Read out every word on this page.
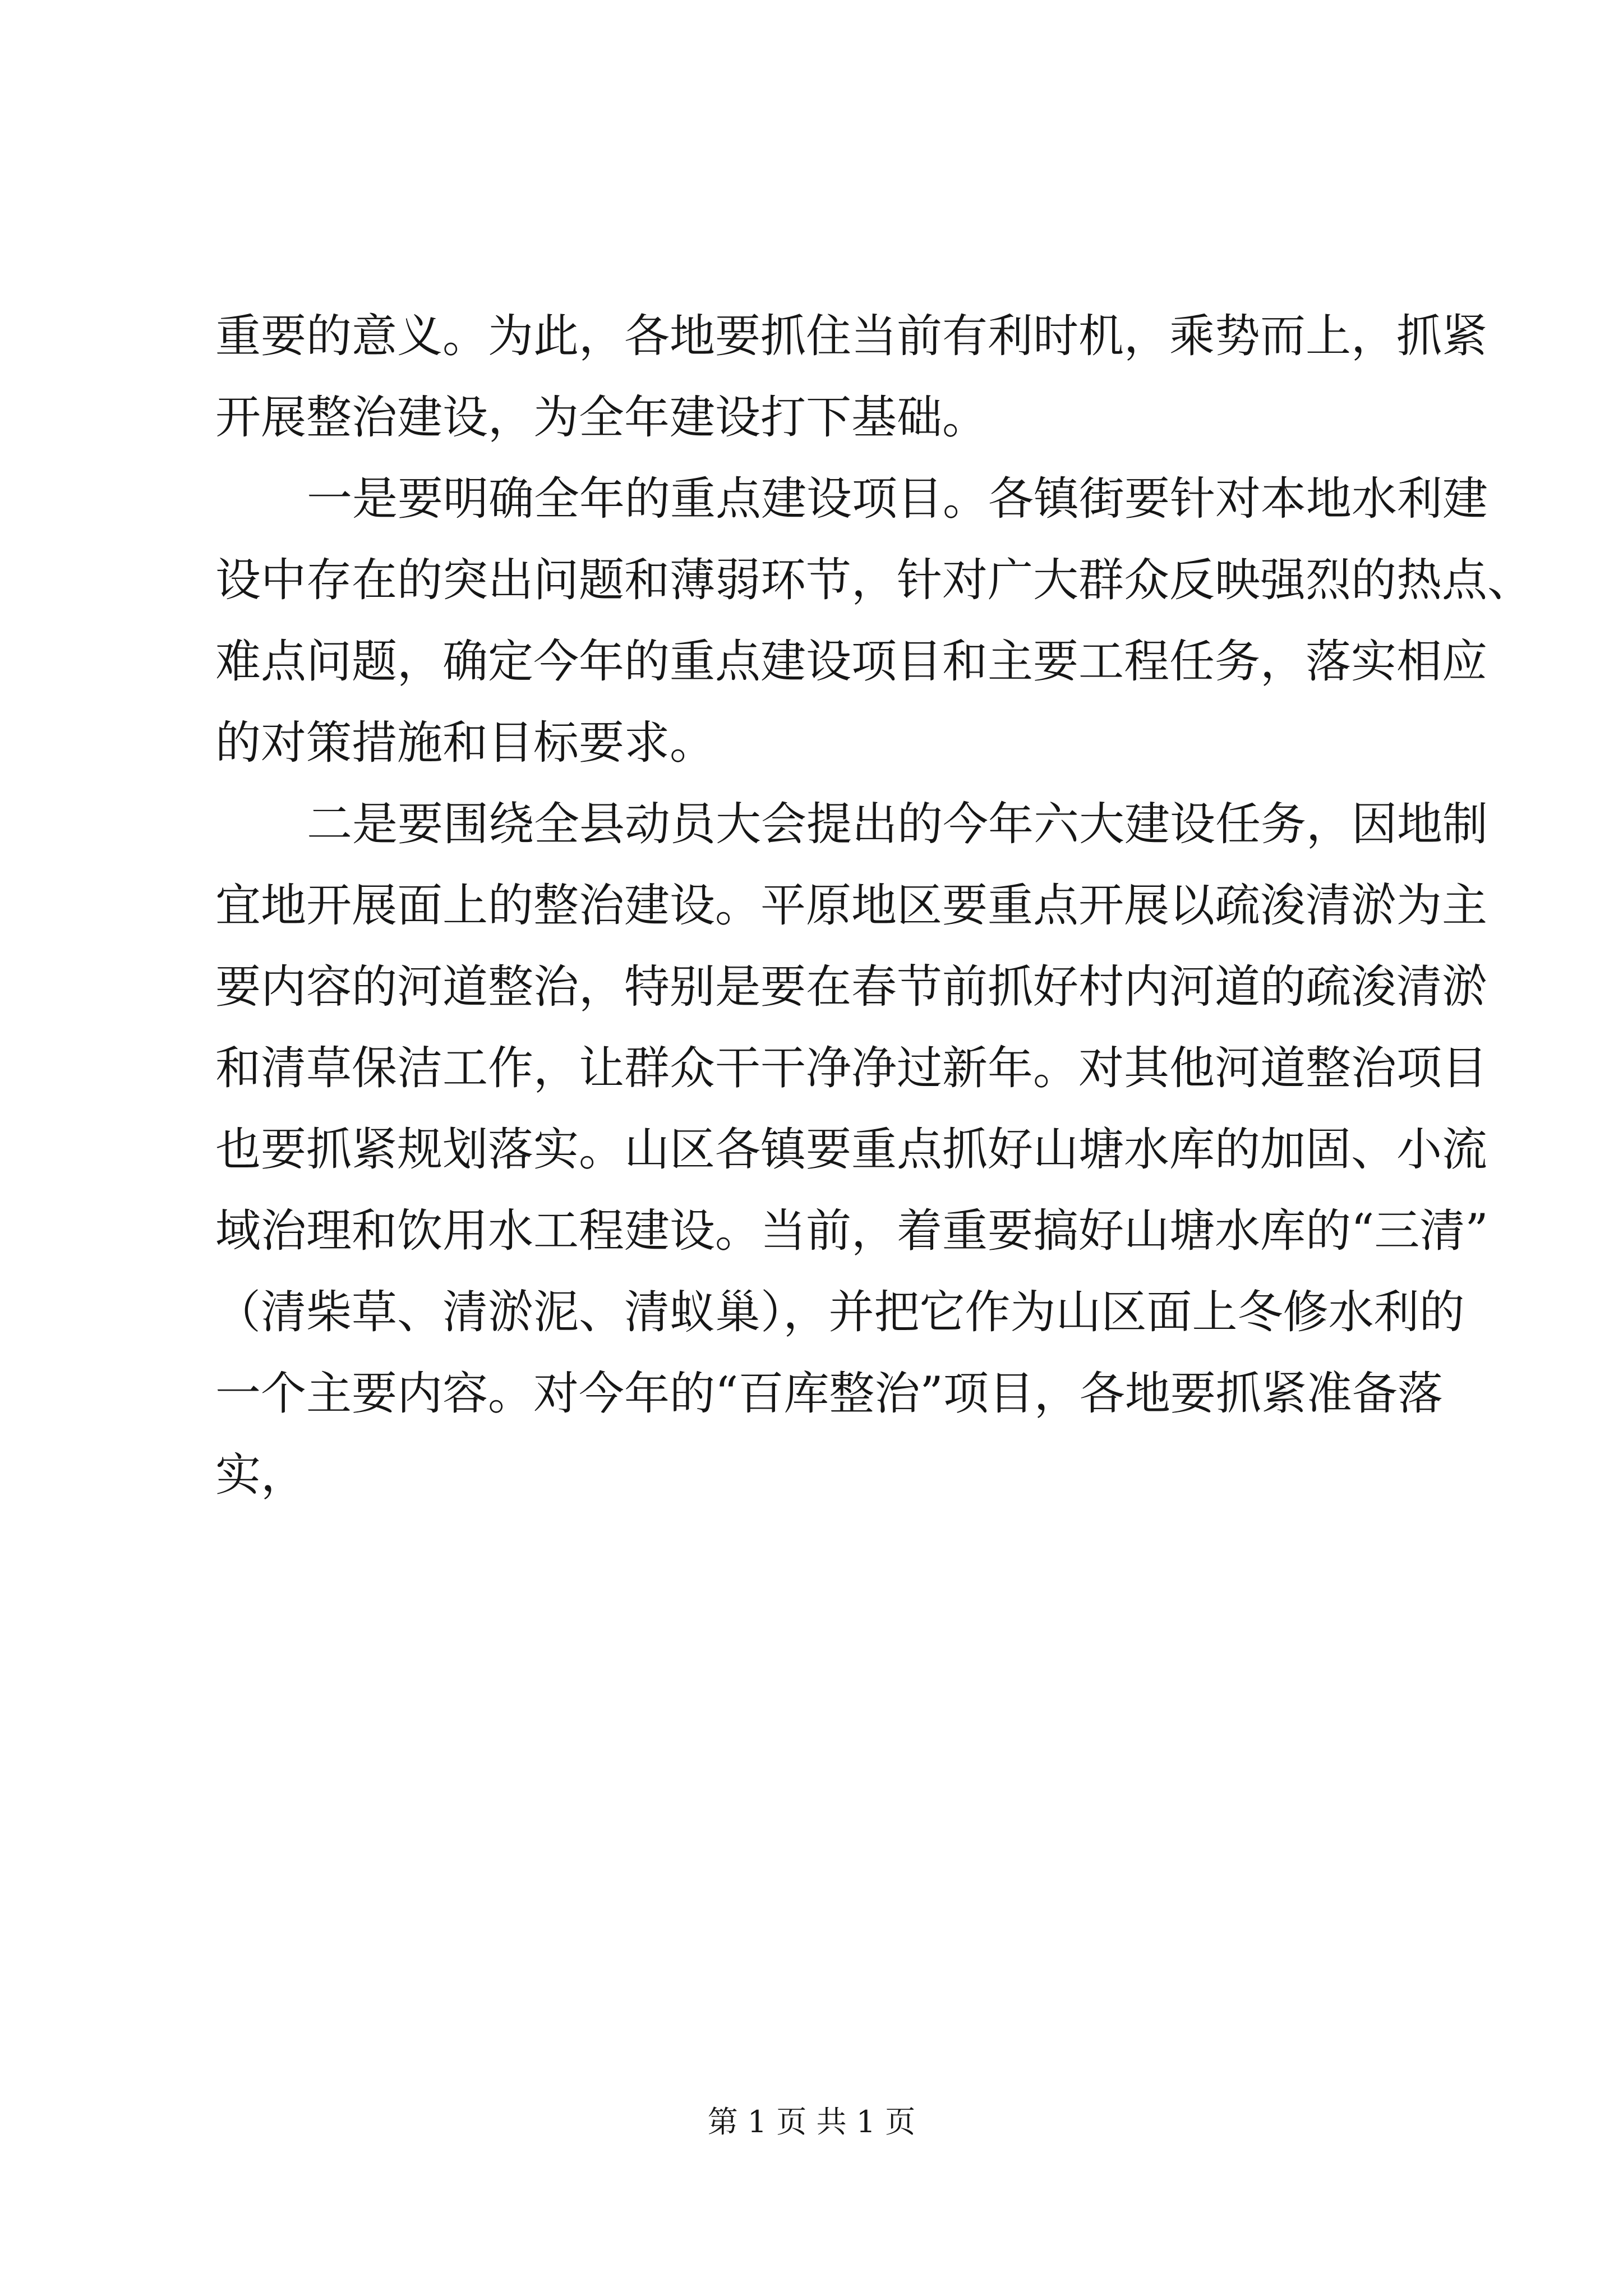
重要的意义。为此，各地要抓住当前有利时机，乘势而上，抓紧
开展整治建设，为全年建设打下基础。
一是要明确全年的重点建设项目。各镇街要针对本地水利建
设中存在的突出问题和薄弱环节，针对广大群众反映强烈的热点、
难点问题，确定今年的重点建设项目和主要工程任务，落实相应
的对策措施和目标要求。
二是要围绕全县动员大会提出的今年六大建设任务，因地制
宜地开展面上的整治建设。平原地区要重点开展以疏浚清淤为主
要内容的河道整治，特别是要在春节前抓好村内河道的疏浚清淤
和清草保洁工作，让群众干干净净过新年。对其他河道整治项目
也要抓紧规划落实。山区各镇要重点抓好山塘水库的加固、小流
域治理和饮用水工程建设。当前，着重要搞好山塘水库的“三清”
（清柴草、清淤泥、清蚁巢），并把它作为山区面上冬修水利的
一个主要内容。对今年的“百库整治”项目，各地要抓紧准备落
实，
第 1 页 共 1 页
